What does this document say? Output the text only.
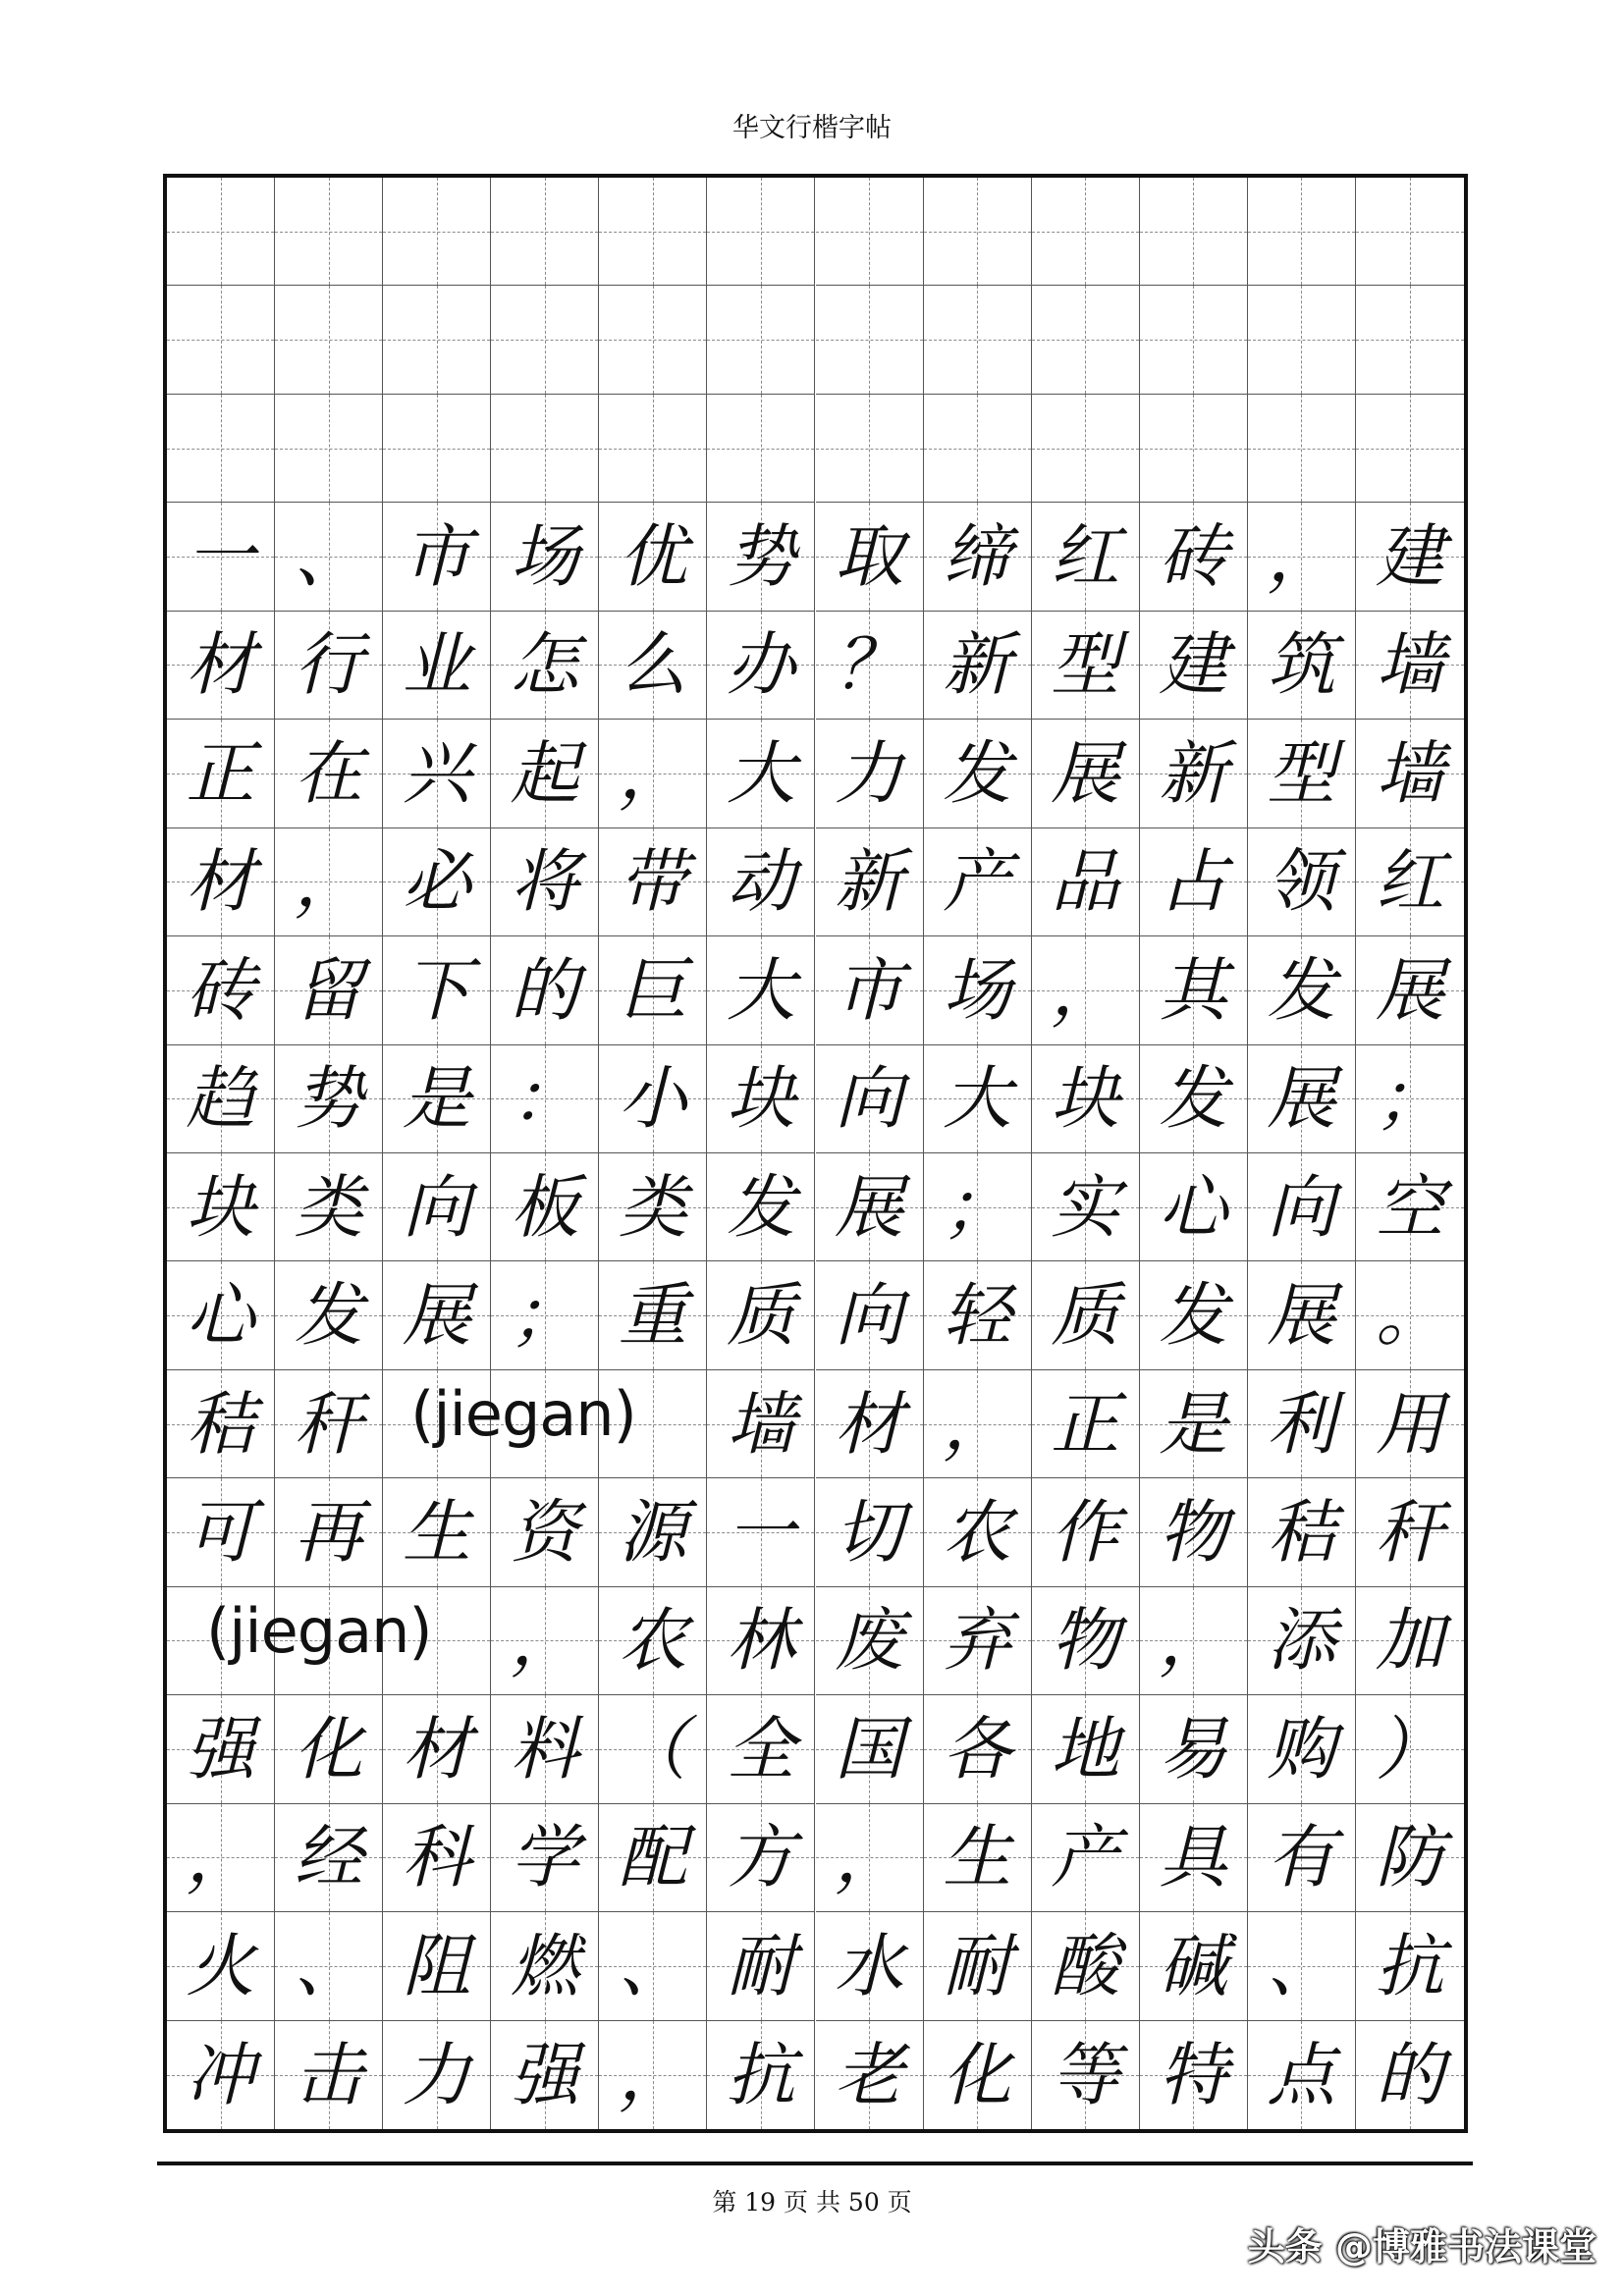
华文行楷字帖
一 、 市 场 优 势 取 缔 红 砖 ， 建
材 行 业 怎 么 办 ？ 新 型 建 筑 墙
正 在 兴 起 ， 大 力 发 展 新 型 墙
材 ， 必 将 带 动 新 产 品 占 领 红
砖 留 下 的 巨 大 市 场 ， 其 发 展
趋 势 是 ： 小 块 向 大 块 发 展 ；
块 类 向 板 类 发 展 ； 实 心 向 空
心 发 展 ； 重 质 向 轻 质 发 展 。
秸 秆	墙 材 ， 正 是 利 用
可 再 生 资 源 一 切 农 作 物 秸 秆
， 农 林 废 弃 物 ， 添 加
强 化 材 料 （ 全 国 各 地 易 购 ）
， 经 科 学 配 方 ， 生 产 具 有 防
火 、 阻 燃 、 耐 水 耐 酸 碱 、 抗
冲 击 力 强 ， 抗 老 化 等 特 点 的
(jiegan)
(jiegan)
第 19 页 共 50 页
头条 @博雅书法课堂
